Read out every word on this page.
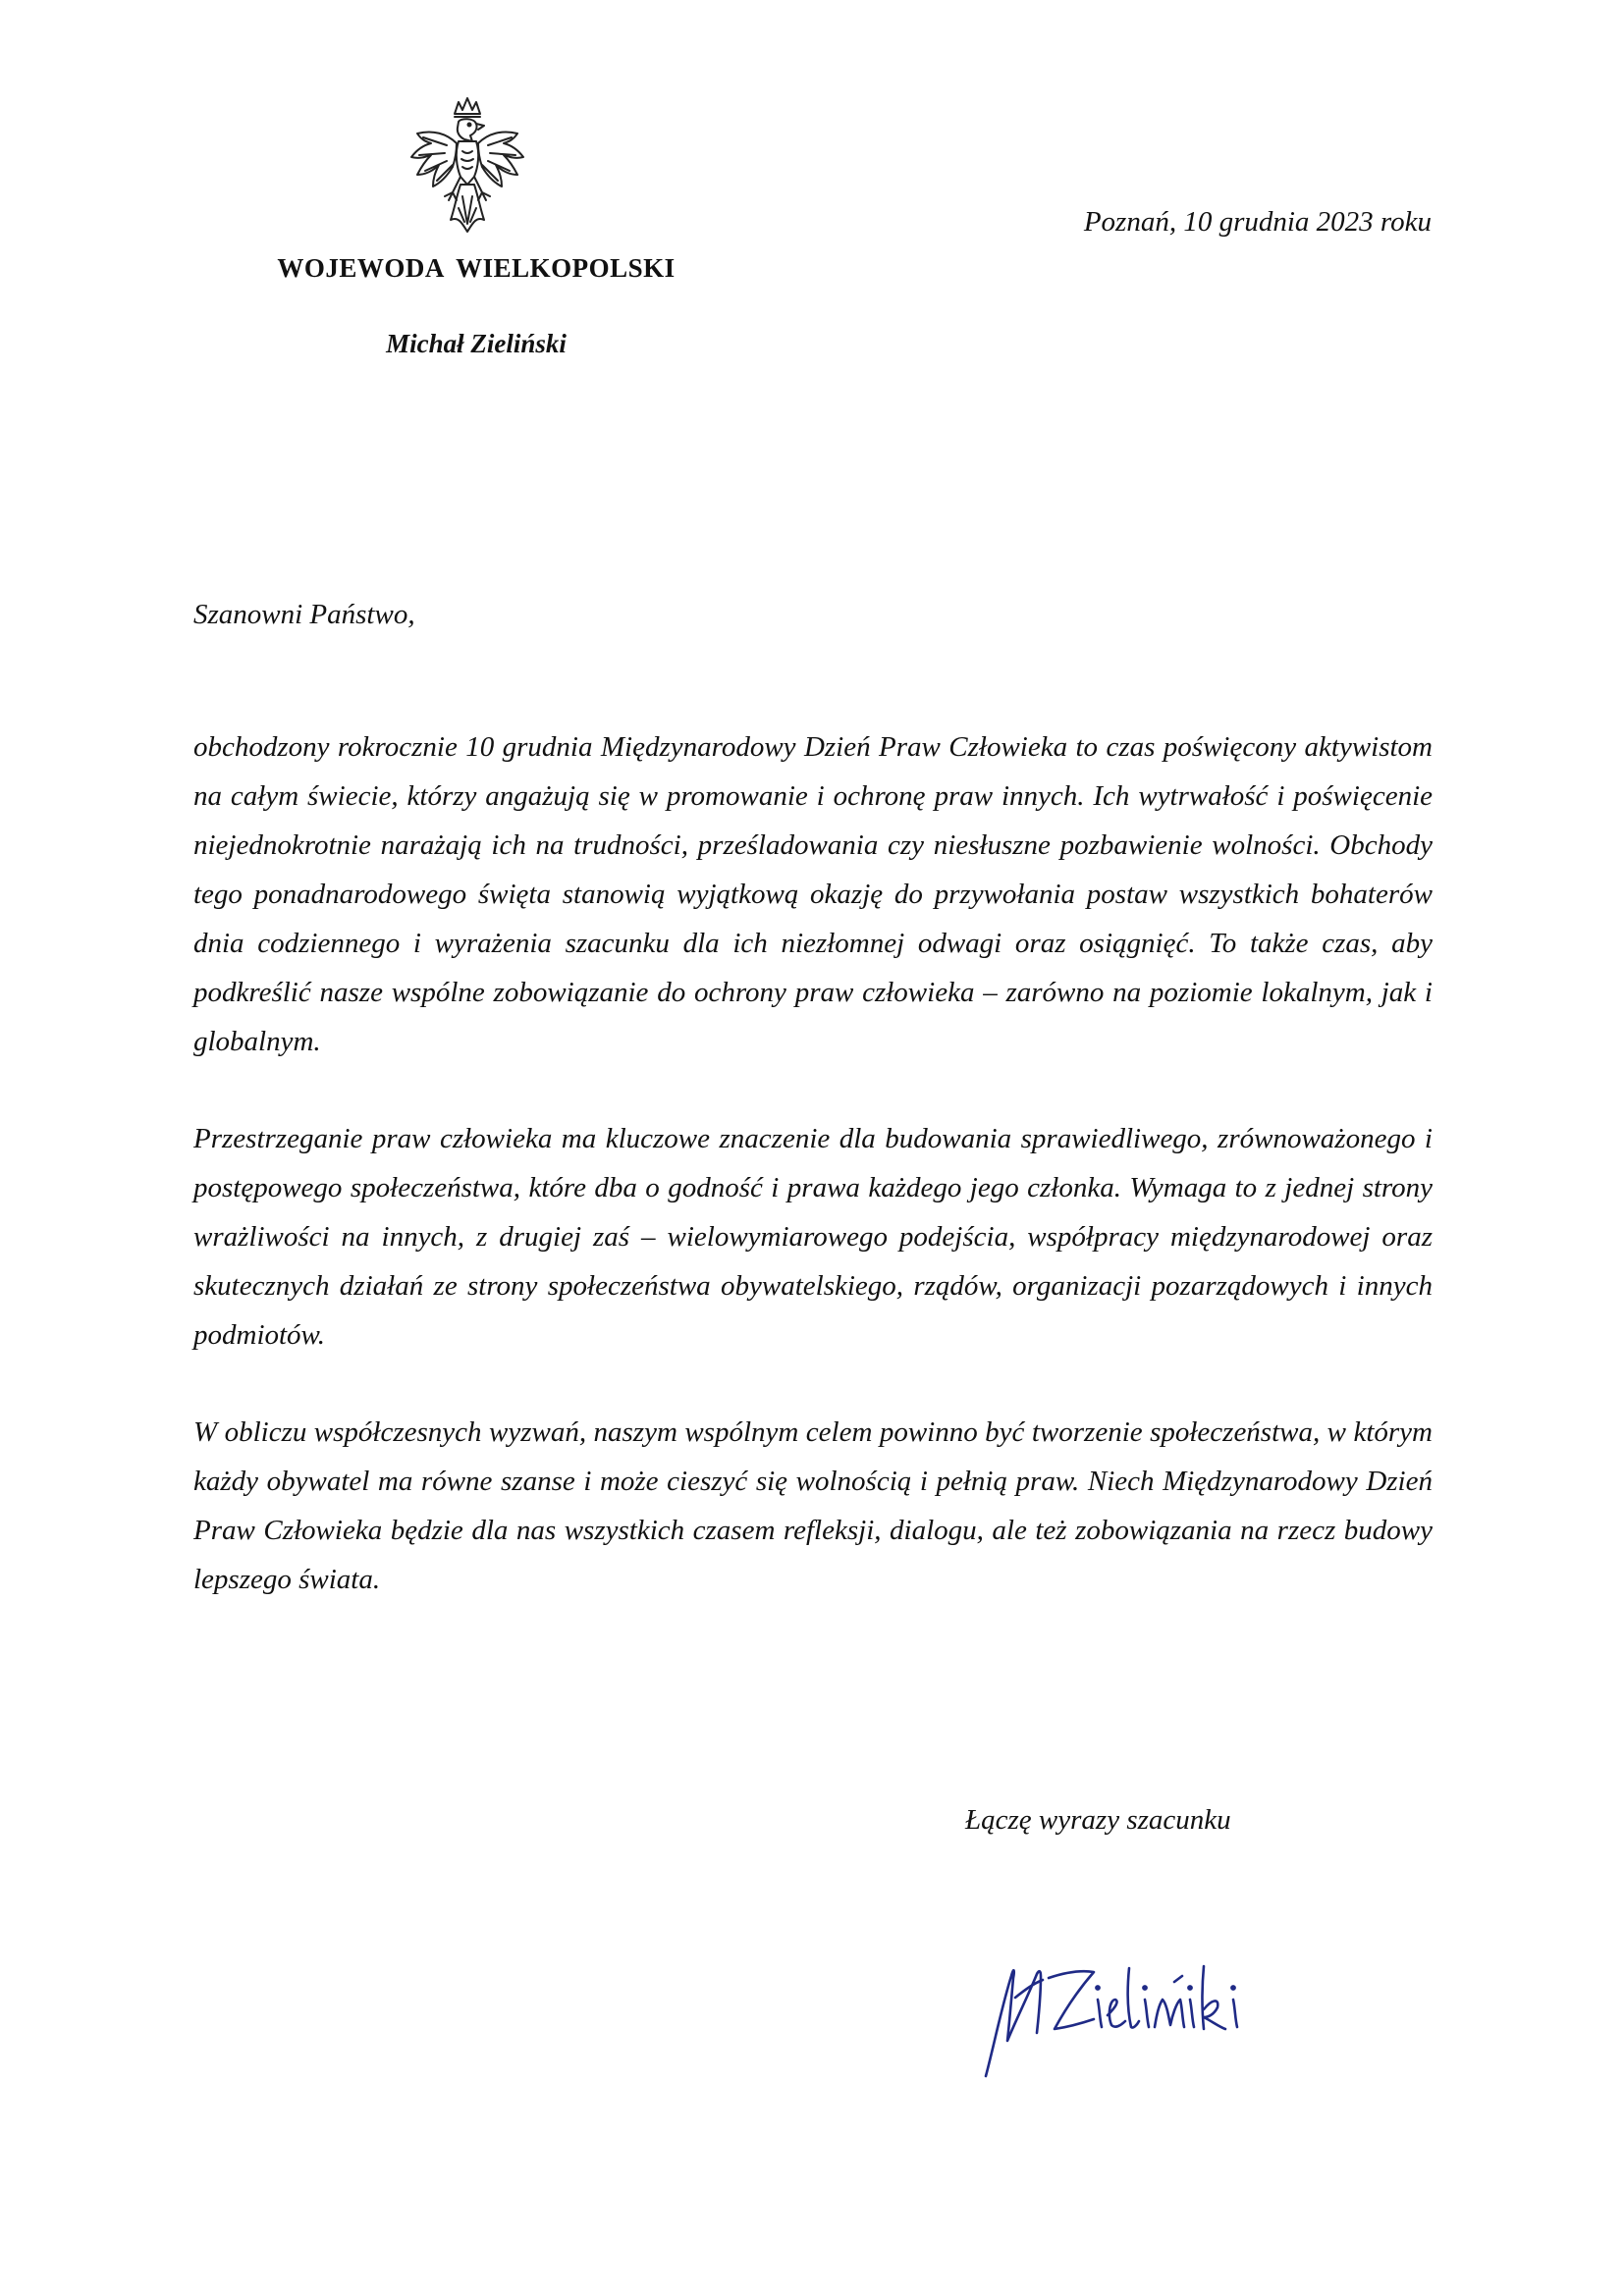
WOJEWODA WIELKOPOLSKI
Michał Zieliński
Poznań, 10 grudnia 2023 roku
Szanowni Państwo,

obchodzony rokrocznie 10 grudnia Międzynarodowy Dzień Praw Człowieka to czas poświęcony aktywistom na całym świecie, którzy angażują się w promowanie i ochronę praw innych. Ich wytrwałość i poświęcenie niejednokrotnie narażają ich na trudności, prześladowania czy niesłuszne pozbawienie wolności. Obchody tego ponadnarodowego święta stanowią wyjątkową okazję do przywołania postaw wszystkich bohaterów dnia codziennego i wyrażenia szacunku dla ich niezłomnej odwagi oraz osiągnięć. To także czas, aby podkreślić nasze wspólne zobowiązanie do ochrony praw człowieka – zarówno na poziomie lokalnym, jak i globalnym.

Przestrzeganie praw człowieka ma kluczowe znaczenie dla budowania sprawiedliwego, zrównoważonego i postępowego społeczeństwa, które dba o godność i prawa każdego jego członka. Wymaga to z jednej strony wrażliwości na innych, z drugiej zaś – wielowymiarowego podejścia, współpracy międzynarodowej oraz skutecznych działań ze strony społeczeństwa obywatelskiego, rządów, organizacji pozarządowych i innych podmiotów.

W obliczu współczesnych wyzwań, naszym wspólnym celem powinno być tworzenie społeczeństwa, w którym każdy obywatel ma równe szanse i może cieszyć się wolnością i pełnią praw. Niech Międzynarodowy Dzień Praw Człowieka będzie dla nas wszystkich czasem refleksji, dialogu, ale też zobowiązania na rzecz budowy lepszego świata.

Łączę wyrazy szacunku
